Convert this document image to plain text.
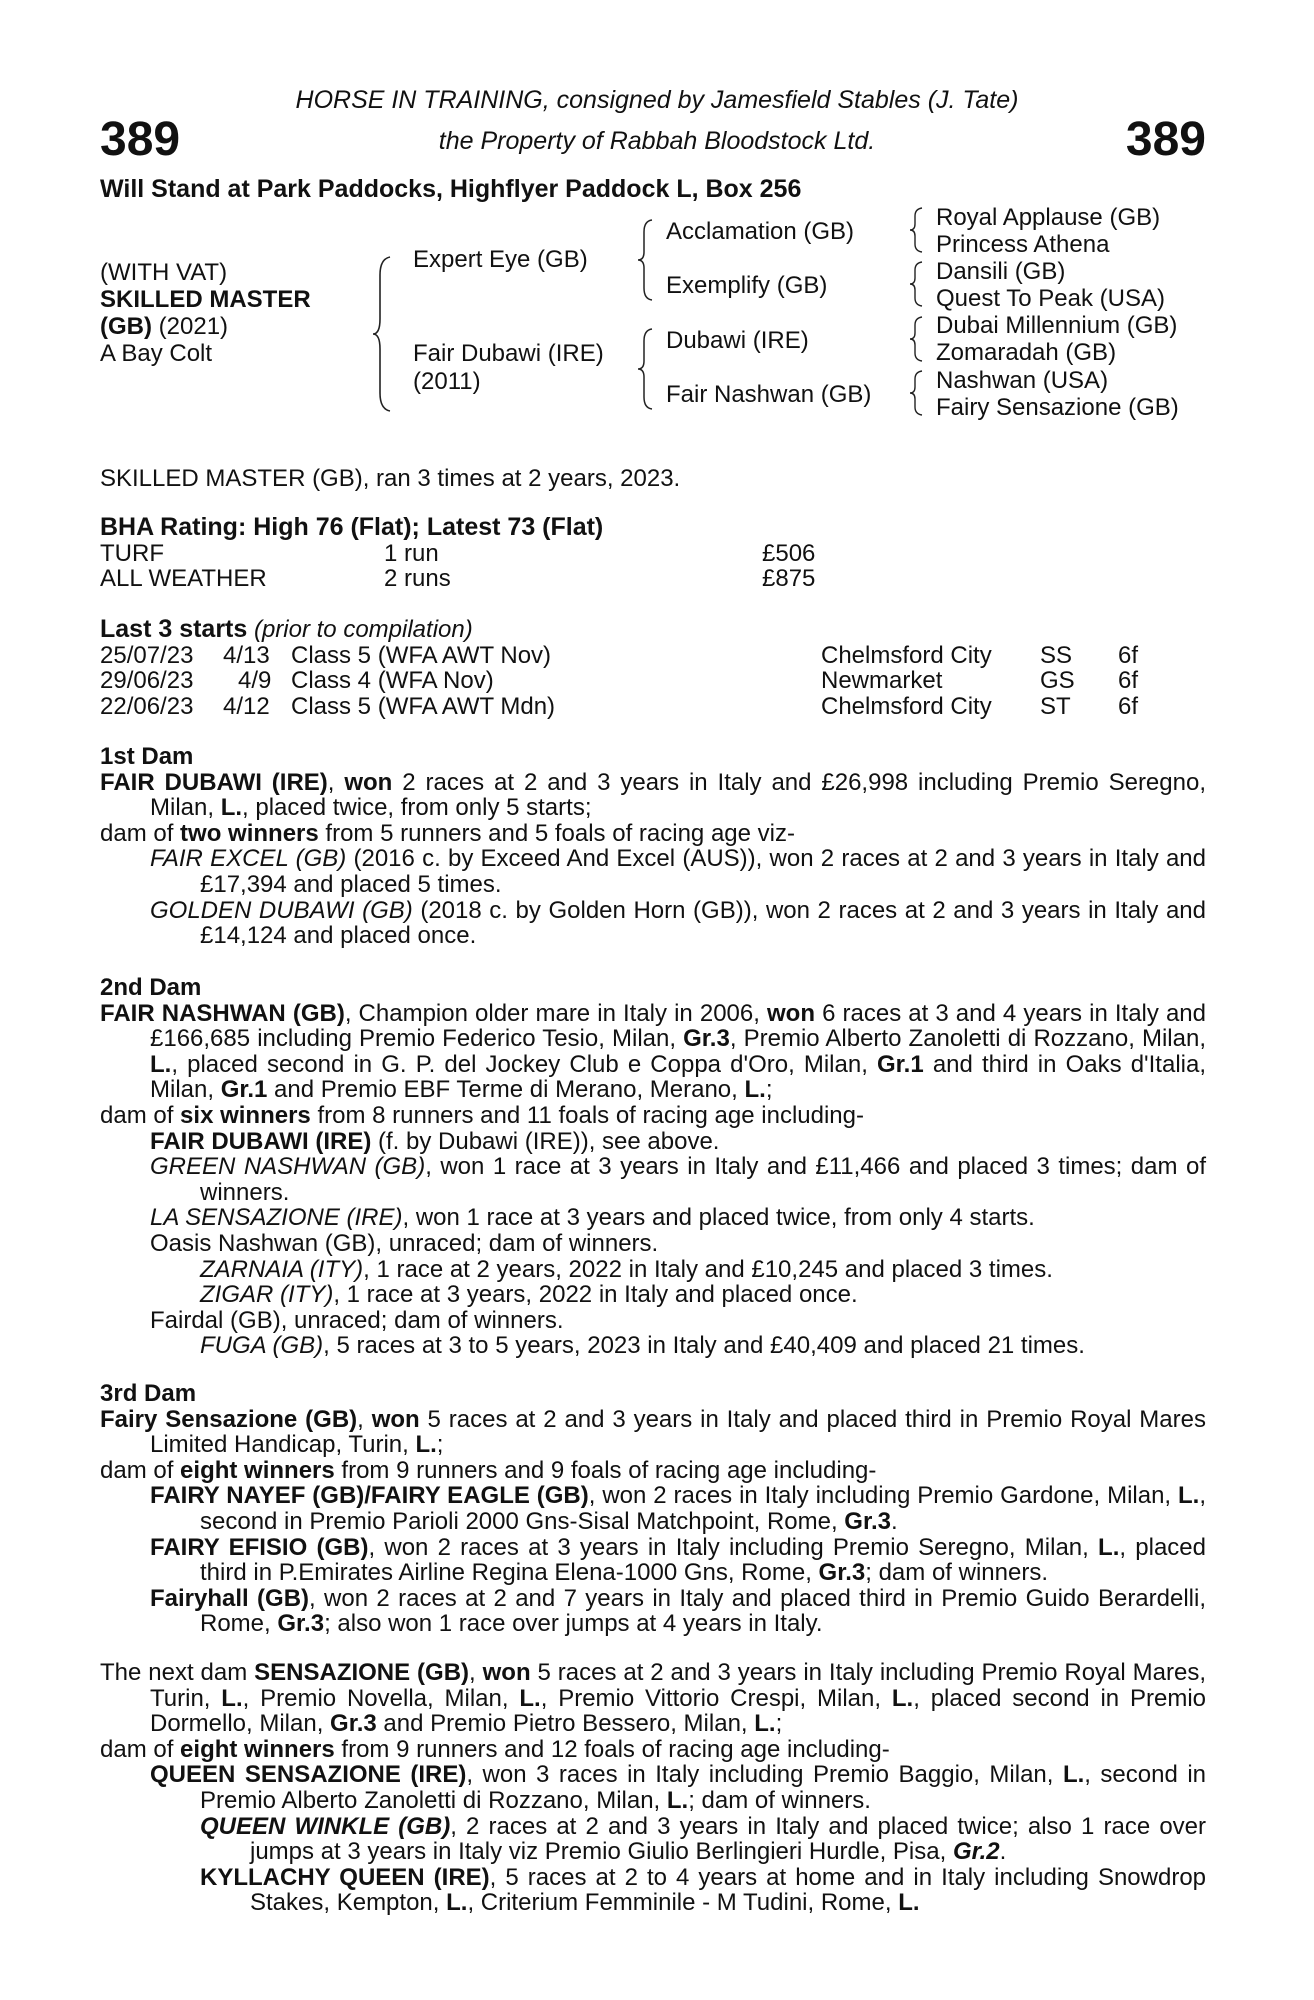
389	389
HORSE IN TRAINING, consigned by Jamesfield Stables (J. Tate)
the Property of Rabbah Bloodstock Ltd.
Will Stand at Park Paddocks, Highflyer Paddock L, Box 256
(WITH VAT)
SKILLED MASTER
(GB) (2021)
A Bay Colt
Expert Eye (GB)
Fair Dubawi (IRE)
(2011)
Acclamation (GB)
Exemplify (GB)
Dubawi (IRE)
Fair Nashwan (GB)
Royal Applause (GB)
Princess Athena
Dansili (GB)
Quest To Peak (USA)
Dubai Millennium (GB)
Zomaradah (GB)
Nashwan (USA)
Fairy Sensazione (GB)
SKILLED MASTER (GB), ran 3 times at 2 years, 2023.
BHA Rating: High 76 (Flat); Latest 73 (Flat)
TURF	1 run	£506
ALL WEATHER	2 runs	£875
Last 3 starts (prior to compilation)
25/07/23 4/13 Class 5 (WFA AWT Nov)	Chelmsford City SS 6f
29/06/23 4/9 Class 4 (WFA Nov)	Newmarket	GS 6f
22/06/23 4/12 Class 5 (WFA AWT Mdn)	Chelmsford City ST 6f

1st Dam

FAIR DUBAWI (IRE), won 2 races at 2 and 3 years in Italy and £26,998 including Premio Seregno, Milan, L., placed twice, from only 5 starts;

dam of two winners from 5 runners and 5 foals of racing age viz-

FAIR EXCEL (GB) (2016 c. by Exceed And Excel (AUS)), won 2 races at 2 and 3 years in Italy and £17,394 and placed 5 times.

GOLDEN DUBAWI (GB) (2018 c. by Golden Horn (GB)), won 2 races at 2 and 3 years in Italy and £14,124 and placed once.

2nd Dam

FAIR NASHWAN (GB), Champion older mare in Italy in 2006, won 6 races at 3 and 4 years in Italy and £166,685 including Premio Federico Tesio, Milan, Gr.3, Premio Alberto Zanoletti di Rozzano, Milan, L., placed second in G. P. del Jockey Club e Coppa d'Oro, Milan, Gr.1 and third in Oaks d'Italia, Milan, Gr.1 and Premio EBF Terme di Merano, Merano, L.;

dam of six winners from 8 runners and 11 foals of racing age including-

FAIR DUBAWI (IRE) (f. by Dubawi (IRE)), see above.

GREEN NASHWAN (GB), won 1 race at 3 years in Italy and £11,466 and placed 3 times; dam of winners.

LA SENSAZIONE (IRE), won 1 race at 3 years and placed twice, from only 4 starts.

Oasis Nashwan (GB), unraced; dam of winners.

ZARNAIA (ITY), 1 race at 2 years, 2022 in Italy and £10,245 and placed 3 times.

ZIGAR (ITY), 1 race at 3 years, 2022 in Italy and placed once.

Fairdal (GB), unraced; dam of winners.

FUGA (GB), 5 races at 3 to 5 years, 2023 in Italy and £40,409 and placed 21 times.

3rd Dam

Fairy Sensazione (GB), won 5 races at 2 and 3 years in Italy and placed third in Premio Royal Mares Limited Handicap, Turin, L.;

dam of eight winners from 9 runners and 9 foals of racing age including-

FAIRY NAYEF (GB)/FAIRY EAGLE (GB), won 2 races in Italy including Premio Gardone, Milan, L., second in Premio Parioli 2000 Gns-Sisal Matchpoint, Rome, Gr.3.

FAIRY EFISIO (GB), won 2 races at 3 years in Italy including Premio Seregno, Milan, L., placed third in P.Emirates Airline Regina Elena-1000 Gns, Rome, Gr.3; dam of winners.

Fairyhall (GB), won 2 races at 2 and 7 years in Italy and placed third in Premio Guido Berardelli, Rome, Gr.3; also won 1 race over jumps at 4 years in Italy.

The next dam SENSAZIONE (GB), won 5 races at 2 and 3 years in Italy including Premio Royal Mares, Turin, L., Premio Novella, Milan, L., Premio Vittorio Crespi, Milan, L., placed second in Premio Dormello, Milan, Gr.3 and Premio Pietro Bessero, Milan, L.;

dam of eight winners from 9 runners and 12 foals of racing age including-

QUEEN SENSAZIONE (IRE), won 3 races in Italy including Premio Baggio, Milan, L., second in Premio Alberto Zanoletti di Rozzano, Milan, L.; dam of winners.

QUEEN WINKLE (GB), 2 races at 2 and 3 years in Italy and placed twice; also 1 race over jumps at 3 years in Italy viz Premio Giulio Berlingieri Hurdle, Pisa, Gr.2.

KYLLACHY QUEEN (IRE), 5 races at 2 to 4 years at home and in Italy including Snowdrop Stakes, Kempton, L., Criterium Femminile - M Tudini, Rome, L.
